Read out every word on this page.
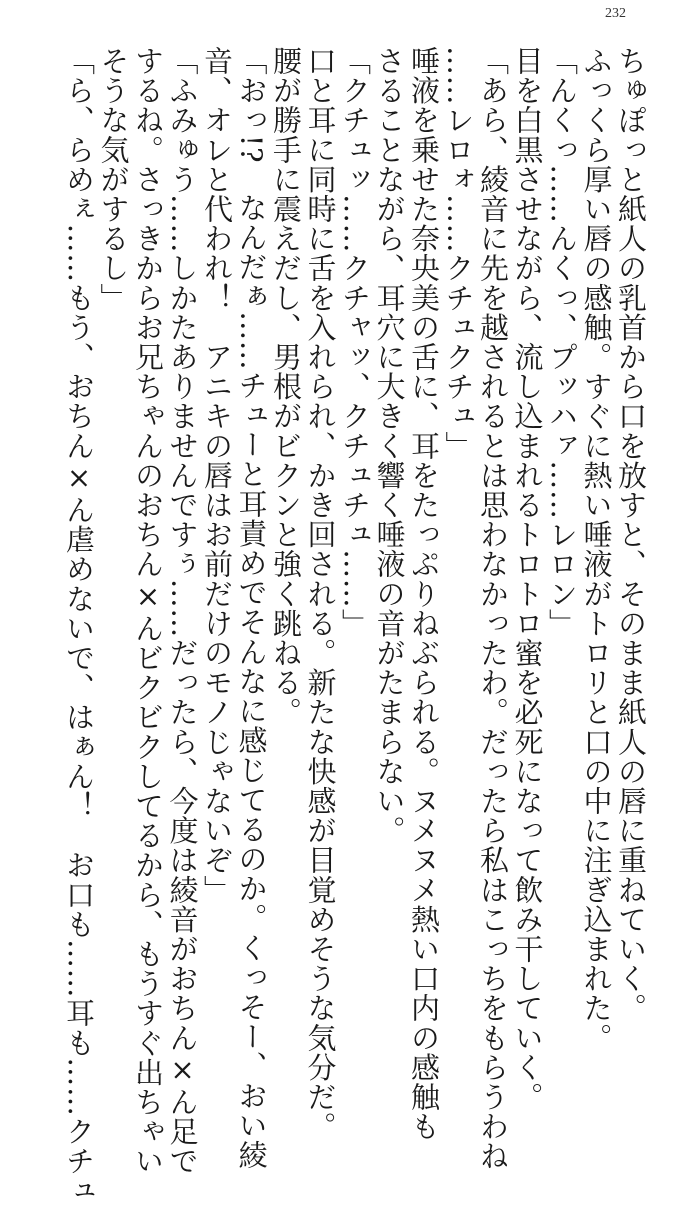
232
ちゅぽっと紙人の乳首から口を放すと、そのまま紙人の唇に重ねていく。
ふっくら厚い唇の感触。すぐに熱い唾液がトロリと口の中に注ぎ込まれた。
「んくっ……んくっ、プッハァ……レロン」
目を白黒させながら、流し込まれるトロトロ蜜を必死になって飲み干していく。
「あら、綾音に先を越されるとは思わなかったわ。だったら私はこっちをもらうわね
……レロォ……クチュクチュ」
唾液を乗せた奈央美の舌に、耳をたっぷりねぶられる。ヌメヌメ熱い口内の感触も
さることながら、耳穴に大きく響く唾液の音がたまらない。
「クチュッ……クチャッ、クチュチュ……」
口と耳に同時に舌を入れられ、かき回される。新たな快感が目覚めそうな気分だ。
腰が勝手に震えだし、男根がビクンと強く跳ねる。
「おっ!?　なんだぁ……チューと耳責めでそんなに感じてるのか。くっそー、おい綾
音、オレと代われ！　アニキの唇はお前だけのモノじゃないぞ」
「ふみゅう……しかたありませんですぅ……だったら、今度は綾音がおちん×ん足で
するね。さっきからお兄ちゃんのおちん×んビクビクしてるから、もうすぐ出ちゃい
そうな気がするし」
「ら、らめぇ……もう、おちん×ん虐めないで、はぁん！　お口も……耳も……クチュ
